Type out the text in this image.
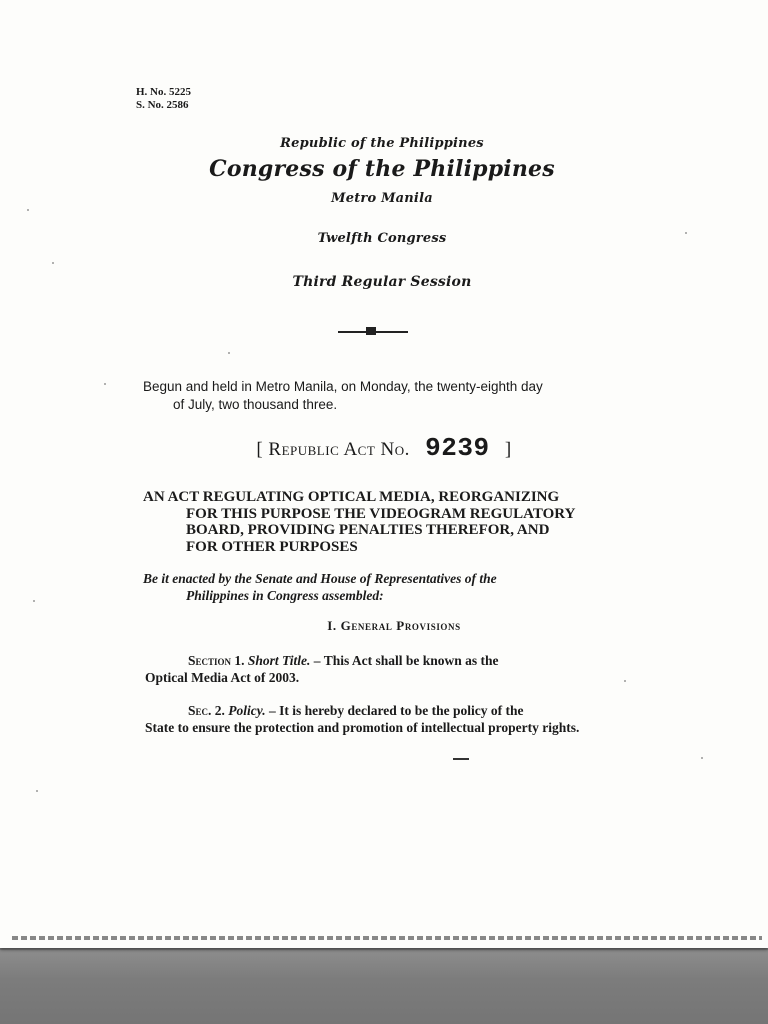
H. No. 5225
S. No. 2586
Republic of the Philippines
Congress of the Philippines
Metro Manila
Twelfth Congress
Third Regular Session
Begun and held in Metro Manila, on Monday, the twenty-eighth day
of July, two thousand three.
[ Republic Act No. 9239 ]
AN ACT REGULATING OPTICAL MEDIA, REORGANIZING
FOR THIS PURPOSE THE VIDEOGRAM REGULATORY
BOARD, PROVIDING PENALTIES THEREFOR, AND
FOR OTHER PURPOSES
Be it enacted by the Senate and House of Representatives of the
Philippines in Congress assembled:
I. General Provisions
Section 1. Short Title. – This Act shall be known as the
Optical Media Act of 2003.
Sec. 2. Policy. – It is hereby declared to be the policy of the
State to ensure the protection and promotion of intellectual property rights.
